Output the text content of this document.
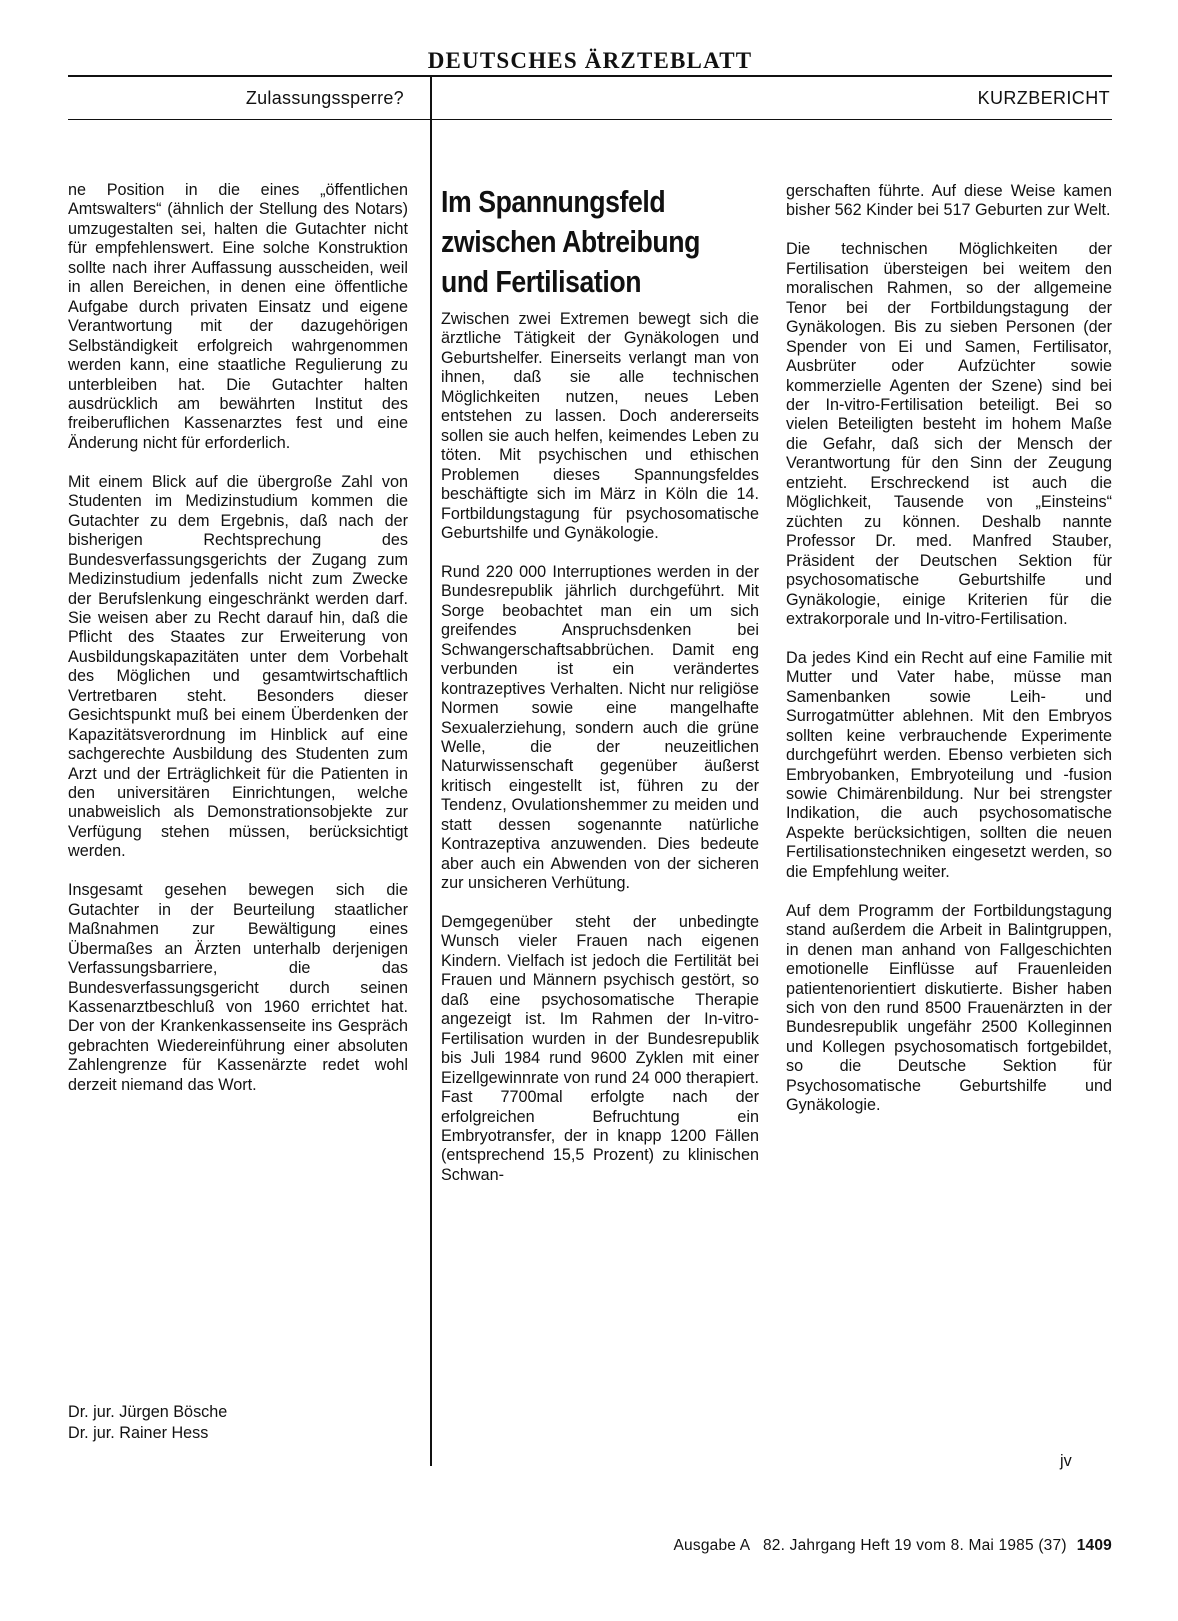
DEUTSCHES ÄRZTEBLATT
Zulassungssperre?	KURZBERICHT

ne Position in die eines „öffentlichen Amtswalters“ (ähnlich der Stellung des Notars) umzugestalten sei, halten die Gutachter nicht für empfehlenswert. Eine solche Konstruktion sollte nach ihrer Auffassung ausscheiden, weil in allen Bereichen, in denen eine öffentliche Aufgabe durch privaten Einsatz und eigene Verantwortung mit der dazugehörigen Selbständigkeit erfolgreich wahrgenommen werden kann, eine staatliche Regulierung zu unterbleiben hat. Die Gutachter halten ausdrücklich am bewährten Institut des freiberuflichen Kassenarztes fest und eine Änderung nicht für erforderlich.

Mit einem Blick auf die übergroße Zahl von Studenten im Medizinstudium kommen die Gutachter zu dem Ergebnis, daß nach der bisherigen Rechtsprechung des Bundesverfassungsgerichts der Zugang zum Medizinstudium jedenfalls nicht zum Zwecke der Berufslenkung eingeschränkt werden darf. Sie weisen aber zu Recht darauf hin, daß die Pflicht des Staates zur Erweiterung von Ausbildungskapazitäten unter dem Vorbehalt des Möglichen und gesamtwirtschaftlich Vertretbaren steht. Besonders dieser Gesichtspunkt muß bei einem Überdenken der Kapazitätsverordnung im Hinblick auf eine sachgerechte Ausbildung des Studenten zum Arzt und der Erträglichkeit für die Patienten in den universitären Einrichtungen, welche unabweislich als Demonstrationsobjekte zur Verfügung stehen müssen, berücksichtigt werden.

Insgesamt gesehen bewegen sich die Gutachter in der Beurteilung staatlicher Maßnahmen zur Bewältigung eines Übermaßes an Ärzten unterhalb derjenigen Verfassungsbarriere, die das Bundesverfassungsgericht durch seinen Kassenarztbeschluß von 1960 errichtet hat. Der von der Krankenkassenseite ins Gespräch gebrachten Wiedereinführung einer absoluten Zahlengrenze für Kassenärzte redet wohl derzeit niemand das Wort.

Dr. jur. Jürgen Bösche
Dr. jur. Rainer Hess
Im Spannungsfeld zwischen Abtreibung und Fertilisation

Zwischen zwei Extremen bewegt sich die ärztliche Tätigkeit der Gynäkologen und Geburtshelfer. Einerseits verlangt man von ihnen, daß sie alle technischen Möglichkeiten nutzen, neues Leben entstehen zu lassen. Doch andererseits sollen sie auch helfen, keimendes Leben zu töten. Mit psychischen und ethischen Problemen dieses Spannungsfeldes beschäftigte sich im März in Köln die 14. Fortbildungstagung für psychosomatische Geburtshilfe und Gynäkologie.

Rund 220 000 Interruptiones werden in der Bundesrepublik jährlich durchgeführt. Mit Sorge beobachtet man ein um sich greifendes Anspruchsdenken bei Schwangerschaftsabbrüchen. Damit eng verbunden ist ein verändertes kontrazeptives Verhalten. Nicht nur religiöse Normen sowie eine mangelhafte Sexualerziehung, sondern auch die grüne Welle, die der neuzeitlichen Naturwissenschaft gegenüber äußerst kritisch eingestellt ist, führen zu der Tendenz, Ovulationshemmer zu meiden und statt dessen sogenannte natürliche Kontrazeptiva anzuwenden. Dies bedeute aber auch ein Abwenden von der sicheren zur unsicheren Verhütung.

Demgegenüber steht der unbedingte Wunsch vieler Frauen nach eigenen Kindern. Vielfach ist jedoch die Fertilität bei Frauen und Männern psychisch gestört, so daß eine psychosomatische Therapie angezeigt ist. Im Rahmen der In-vitro-Fertilisation wurden in der Bundesrepublik bis Juli 1984 rund 9600 Zyklen mit einer Eizellgewinnrate von rund 24 000 therapiert. Fast 7700mal erfolgte nach der erfolgreichen Befruchtung ein Embryotransfer, der in knapp 1200 Fällen (entsprechend 15,5 Prozent) zu klinischen Schwan-

gerschaften führte. Auf diese Weise kamen bisher 562 Kinder bei 517 Geburten zur Welt.

Die technischen Möglichkeiten der Fertilisation übersteigen bei weitem den moralischen Rahmen, so der allgemeine Tenor bei der Fortbildungstagung der Gynäkologen. Bis zu sieben Personen (der Spender von Ei und Samen, Fertilisator, Ausbrüter oder Aufzüchter sowie kommerzielle Agenten der Szene) sind bei der In-vitro-Fertilisation beteiligt. Bei so vielen Beteiligten besteht im hohem Maße die Gefahr, daß sich der Mensch der Verantwortung für den Sinn der Zeugung entzieht. Erschreckend ist auch die Möglichkeit, Tausende von „Einsteins“ züchten zu können. Deshalb nannte Professor Dr. med. Manfred Stauber, Präsident der Deutschen Sektion für psychosomatische Geburtshilfe und Gynäkologie, einige Kriterien für die extrakorporale und In-vitro-Fertilisation.

Da jedes Kind ein Recht auf eine Familie mit Mutter und Vater habe, müsse man Samenbanken sowie Leih- und Surrogatmütter ablehnen. Mit den Embryos sollten keine verbrauchende Experimente durchgeführt werden. Ebenso verbieten sich Embryobanken, Embryoteilung und -fusion sowie Chimärenbildung. Nur bei strengster Indikation, die auch psychosomatische Aspekte berücksichtigen, sollten die neuen Fertilisationstechniken eingesetzt werden, so die Empfehlung weiter.

Auf dem Programm der Fortbildungstagung stand außerdem die Arbeit in Balintgruppen, in denen man anhand von Fallgeschichten emotionelle Einflüsse auf Frauenleiden patientenorientiert diskutierte. Bisher haben sich von den rund 8500 Frauenärzten in der Bundesrepublik ungefähr 2500 Kolleginnen und Kollegen psychosomatisch fortgebildet, so die Deutsche Sektion für Psychosomatische Geburtshilfe und Gynäkologie.

jv
Ausgabe A   82. Jahrgang Heft 19 vom 8. Mai 1985 (37) 1409
